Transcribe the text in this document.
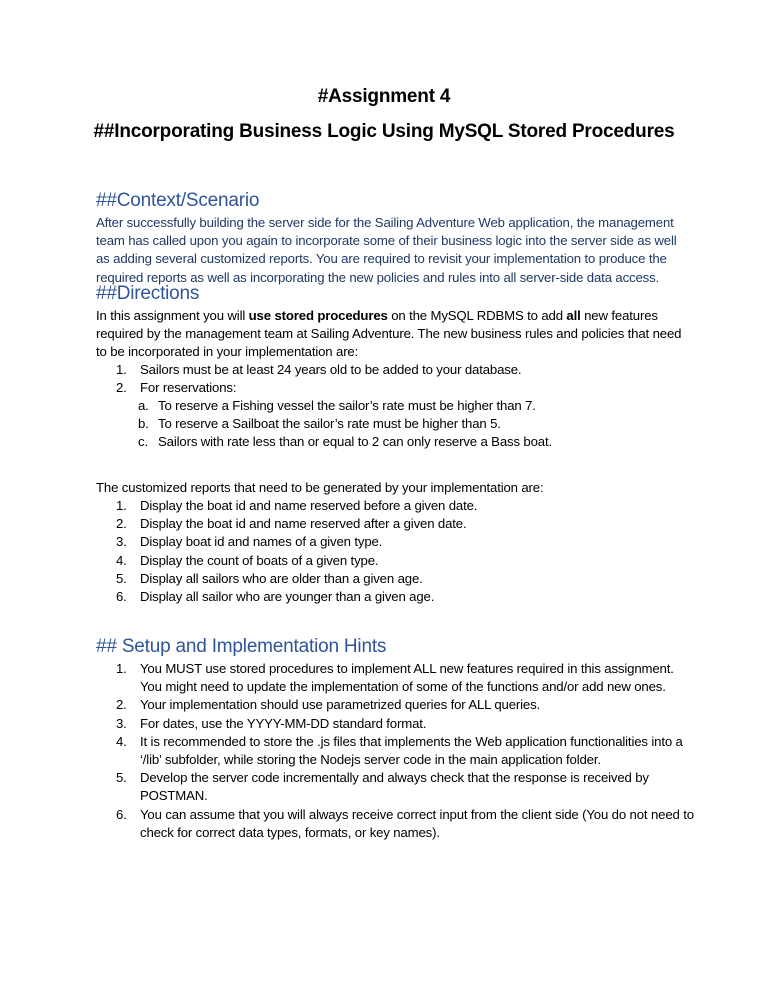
#Assignment 4
##Incorporating Business Logic Using MySQL Stored Procedures
##Context/Scenario
After successfully building the server side for the Sailing Adventure Web application, the management team has called upon you again to incorporate some of their business logic into the server side as well as adding several customized reports. You are required to revisit your implementation to produce the required reports as well as incorporating the new policies and rules into all server-side data access.
##Directions
In this assignment you will use stored procedures on the MySQL RDBMS to add all new features required by the management team at Sailing Adventure. The new business rules and policies that need to be incorporated in your implementation are:
1. Sailors must be at least 24 years old to be added to your database.
2. For reservations:
a. To reserve a Fishing vessel the sailor’s rate must be higher than 7.
b. To reserve a Sailboat the sailor’s rate must be higher than 5.
c. Sailors with rate less than or equal to 2 can only reserve a Bass boat.
The customized reports that need to be generated by your implementation are:
1. Display the boat id and name reserved before a given date.
2. Display the boat id and name reserved after a given date.
3. Display boat id and names of a given type.
4. Display the count of boats of a given type.
5. Display all sailors who are older than a given age.
6. Display all sailor who are younger than a given age.
## Setup and Implementation Hints
1. You MUST use stored procedures to implement ALL new features required in this assignment. You might need to update the implementation of some of the functions and/or add new ones.
2. Your implementation should use parametrized queries for ALL queries.
3. For dates, use the YYYY-MM-DD standard format.
4. It is recommended to store the .js files that implements the Web application functionalities into a ‘/lib’ subfolder, while storing the Nodejs server code in the main application folder.
5. Develop the server code incrementally and always check that the response is received by POSTMAN.
6. You can assume that you will always receive correct input from the client side (You do not need to check for correct data types, formats, or key names).
